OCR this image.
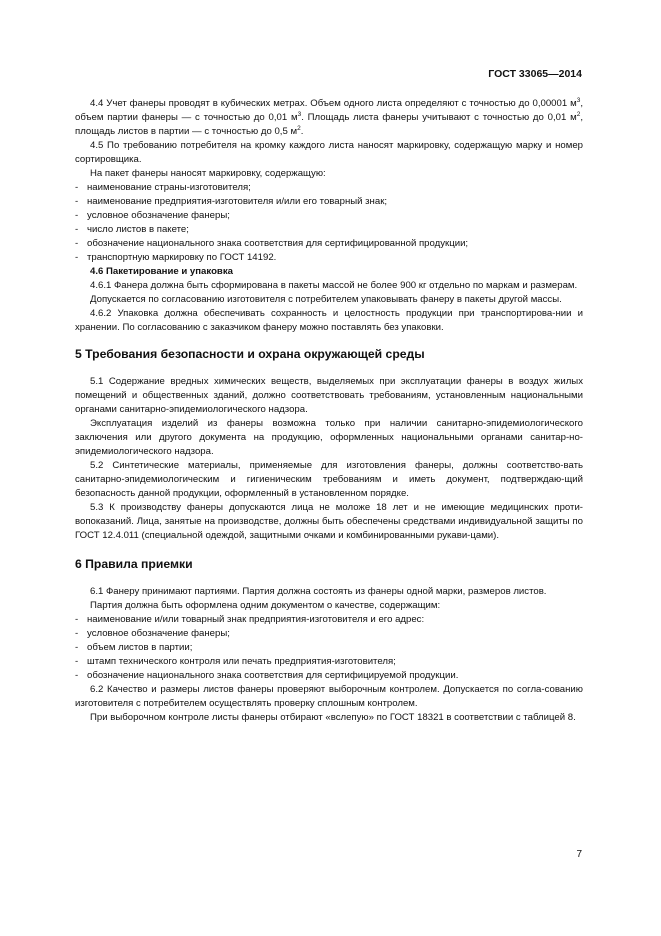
ГОСТ 33065—2014

4.4 Учет фанеры проводят в кубических метрах. Объем одного листа определяют с точностью до 0,00001 $м^3$, объем партии фанеры — с точностью до 0,01 $м^3$. Площадь листа фанеры учитывают с точностью до 0,01 $м^2$, площадь листов в партии — с точностью до 0,5 $м^2$.

4.5 По требованию потребителя на кромку каждого листа наносят маркировку, содержащую марку и номер сортировщика.

На пакет фанеры наносят маркировку, содержащую:

- наименование страны-изготовителя;

- наименование предприятия-изготовителя и/или его товарный знак;

- условное обозначение фанеры;

- число листов в пакете;

- обозначение национального знака соответствия для сертифицированной продукции;

- транспортную маркировку по ГОСТ 14192.

4.6 Пакетирование и упаковка

4.6.1 Фанера должна быть сформирована в пакеты массой не более 900 кг отдельно по маркам и размерам.

Допускается по согласованию изготовителя с потребителем упаковывать фанеру в пакеты другой массы.

4.6.2 Упаковка должна обеспечивать сохранность и целостность продукции при транспортирова-нии и хранении. По согласованию с заказчиком фанеру можно поставлять без упаковки.

5 Требования безопасности и охрана окружающей среды

5.1 Содержание вредных химических веществ, выделяемых при эксплуатации фанеры в воздух жилых помещений и общественных зданий, должно соответствовать требованиям, установленным национальными органами санитарно-эпидемиологического надзора.

Эксплуатация изделий из фанеры возможна только при наличии санитарно-эпидемиологического заключения или другого документа на продукцию, оформленных национальными органами санитар-но-эпидемиологического надзора.

5.2 Синтетические материалы, применяемые для изготовления фанеры, должны соответство-вать санитарно-эпидемиологическим и гигиеническим требованиям и иметь документ, подтверждаю-щий безопасность данной продукции, оформленный в установленном порядке.

5.3 К производству фанеры допускаются лица не моложе 18 лет и не имеющие медицинских проти-вопоказаний. Лица, занятые на производстве, должны быть обеспечены средствами индивидуальной защиты по ГОСТ 12.4.011 (специальной одеждой, защитными очками и комбинированными рукави-цами).

6 Правила приемки

6.1 Фанеру принимают партиями. Партия должна состоять из фанеры одной марки, размеров листов.

Партия должна быть оформлена одним документом о качестве, содержащим:

- наименование и/или товарный знак предприятия-изготовителя и его адрес:

- условное обозначение фанеры;

- объем листов в партии;

- штамп технического контроля или печать предприятия-изготовителя;

- обозначение национального знака соответствия для сертифицируемой продукции.

6.2 Качество и размеры листов фанеры проверяют выборочным контролем. Допускается по согла-сованию изготовителя с потребителем осуществлять проверку сплошным контролем.

При выборочном контроле листы фанеры отбирают «вслепую» по ГОСТ 18321 в соответствии с таблицей 8.

7
